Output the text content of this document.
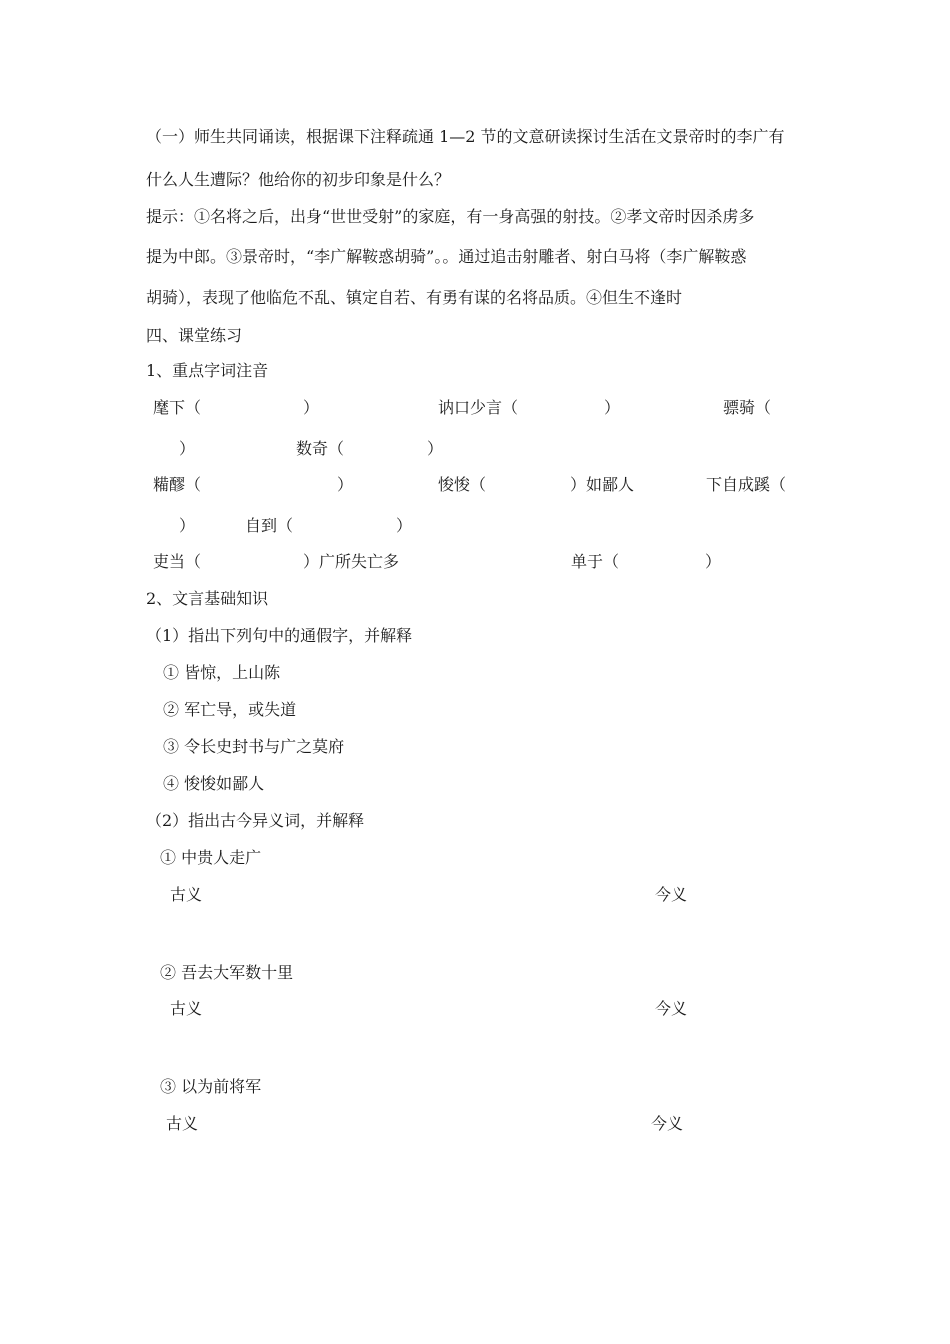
（一）师生共同诵读，根据课下注释疏通 1—2 节的文意研读探讨生活在文景帝时的李广有
什么人生遭际？他给你的初步印象是什么？
提示：①名将之后，出身“世世受射”的家庭，有一身高强的射技。②孝文帝时因杀虏多
提为中郎。③景帝时，“李广解鞍惑胡骑”。。通过追击射雕者、射白马将（李广解鞍惑
胡骑），表现了他临危不乱、镇定自若、有勇有谋的名将品质。④但生不逢时
四、课堂练习
1、重点字词注音
麾下（	）	讷口少言（	）	骠骑（
）	数奇（	）
糒醪（	）	悛悛（	）如鄙人	下自成蹊（
）	自到（	）
吏当（	）广所失亡多	单于（	）
2、文言基础知识
（1）指出下列句中的通假字，并解释
① 皆惊，上山陈
② 军亡导，或失道
③ 令长史封书与广之莫府
④ 悛悛如鄙人
（2）指出古今异义词，并解释
① 中贵人走广
古义	今义
② 吾去大军数十里
古义	今义
③ 以为前将军
古义	今义
